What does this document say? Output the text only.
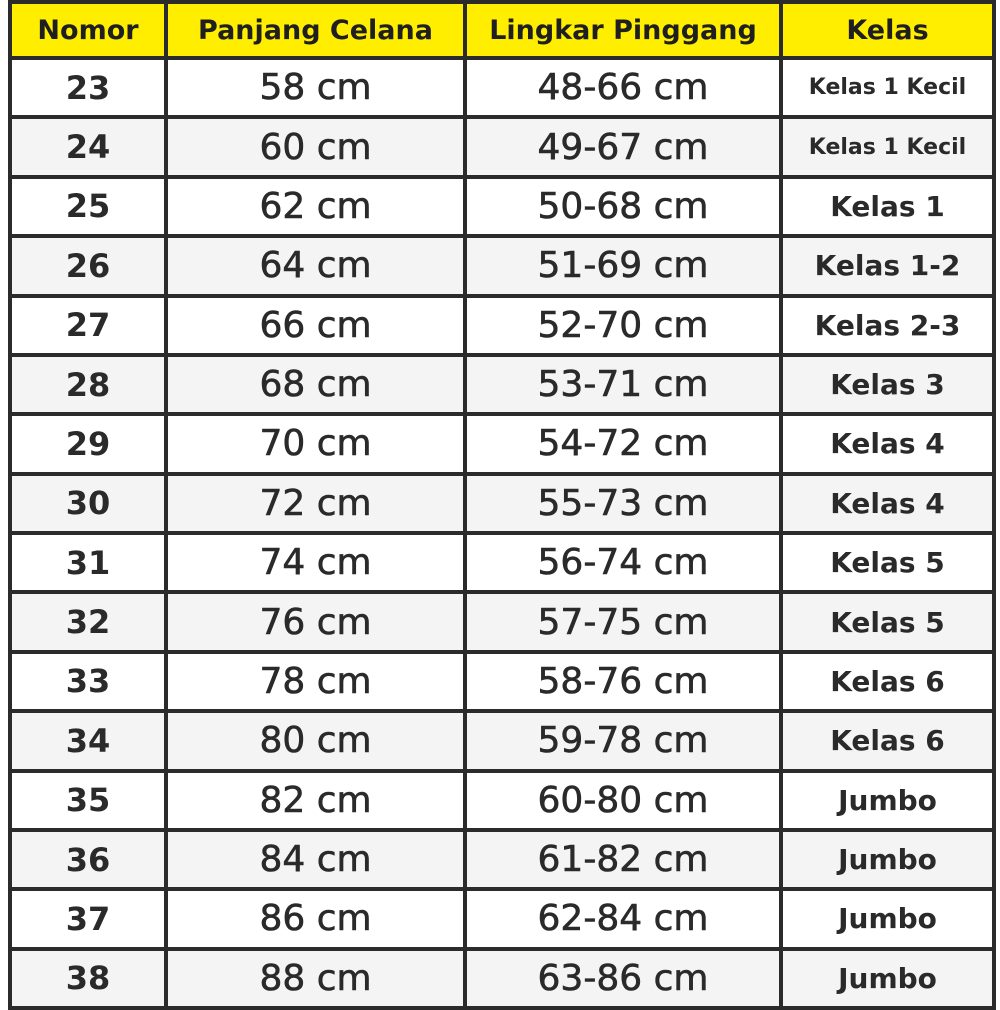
Nomor	Panjang Celana	Lingkar Pinggang	Kelas
23	58 cm	48-66 cm	Kelas 1 Kecil
24	60 cm	49-67 cm	Kelas 1 Kecil
25	62 cm	50-68 cm	Kelas 1
26	64 cm	51-69 cm	Kelas 1-2
27	66 cm	52-70 cm	Kelas 2-3
28	68 cm	53-71 cm	Kelas 3
29	70 cm	54-72 cm	Kelas 4
30	72 cm	55-73 cm	Kelas 4
31	74 cm	56-74 cm	Kelas 5
32	76 cm	57-75 cm	Kelas 5
33	78 cm	58-76 cm	Kelas 6
34	80 cm	59-78 cm	Kelas 6
35	82 cm	60-80 cm	Jumbo
36	84 cm	61-82 cm	Jumbo
37	86 cm	62-84 cm	Jumbo
38	88 cm	63-86 cm	Jumbo
